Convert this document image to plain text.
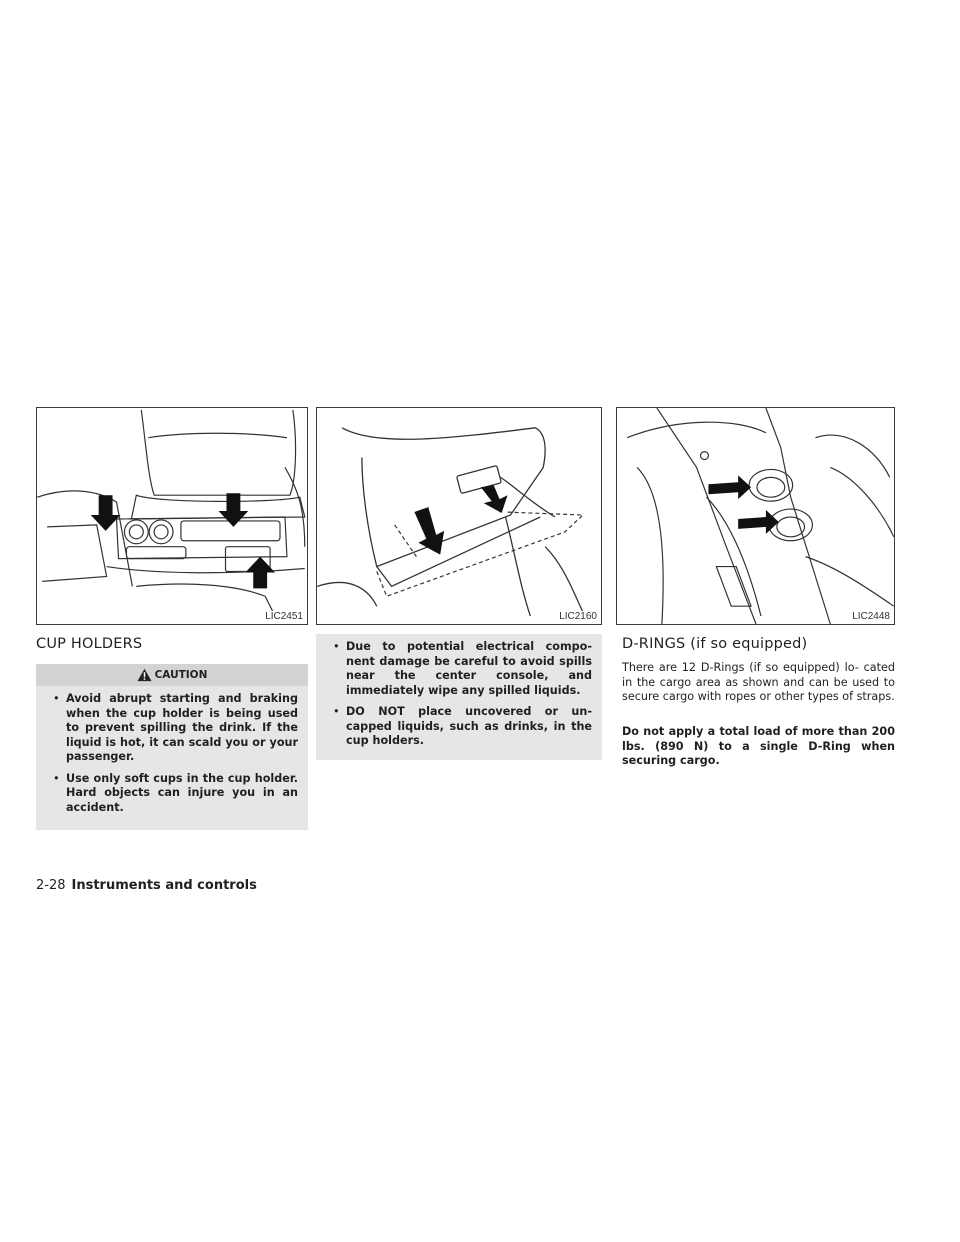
LIC2451	LIC2160	LIC2448
CUP HOLDERS
CAUTION
• Avoid abrupt starting and braking when the cup holder is being used to prevent spilling the drink. If the liquid is hot, it can scald you or your passenger.
• Use only soft cups in the cup holder. Hard objects can injure you in an accident.
• Due to potential electrical compo- nent damage be careful to avoid spills near the center console, and immediately wipe any spilled liquids.
• DO NOT place uncovered or un- capped liquids, such as drinks, in the cup holders.
D-RINGS (if so equipped)

There are 12 D-Rings (if so equipped) lo- cated in the cargo area as shown and can be used to secure cargo with ropes or other types of straps.

Do not apply a total load of more than 200 lbs. (890 N) to a single D-Ring when securing cargo.

2-28 Instruments and controls
